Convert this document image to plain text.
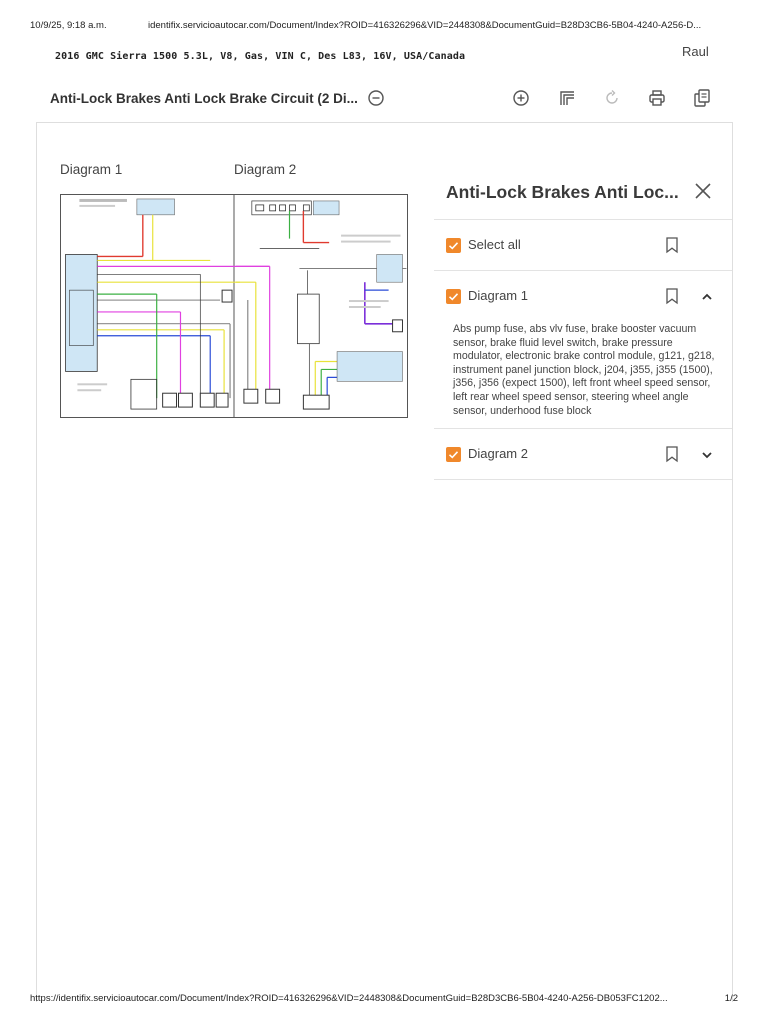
10/9/25, 9:18 a.m.	identifix.servicioautocar.com/Document/Index?ROID=416326296&VID=2448308&DocumentGuid=B28D3CB6-5B04-4240-A256-D...
2016 GMC Sierra 1500 5.3L, V8, Gas, VIN C, Des L83, 16V, USA/Canada	Raul
Anti-Lock Brakes Anti Lock Brake Circuit (2 Di...
Diagram 1	Diagram 2
Anti-Lock Brakes Anti Loc...
Select all
Diagram 1
Abs pump fuse, abs vlv fuse, brake booster vacuum sensor, brake fluid level switch, brake pressure modulator, electronic brake control module, g121, g218, instrument panel junction block, j204, j355, j355 (1500), j356, j356 (expect 1500), left front wheel speed sensor, left rear wheel speed sensor, steering wheel angle sensor, underhood fuse block
Diagram 2
https://identifix.servicioautocar.com/Document/Index?ROID=416326296&VID=2448308&DocumentGuid=B28D3CB6-5B04-4240-A256-DB053FC1202...	1/2
